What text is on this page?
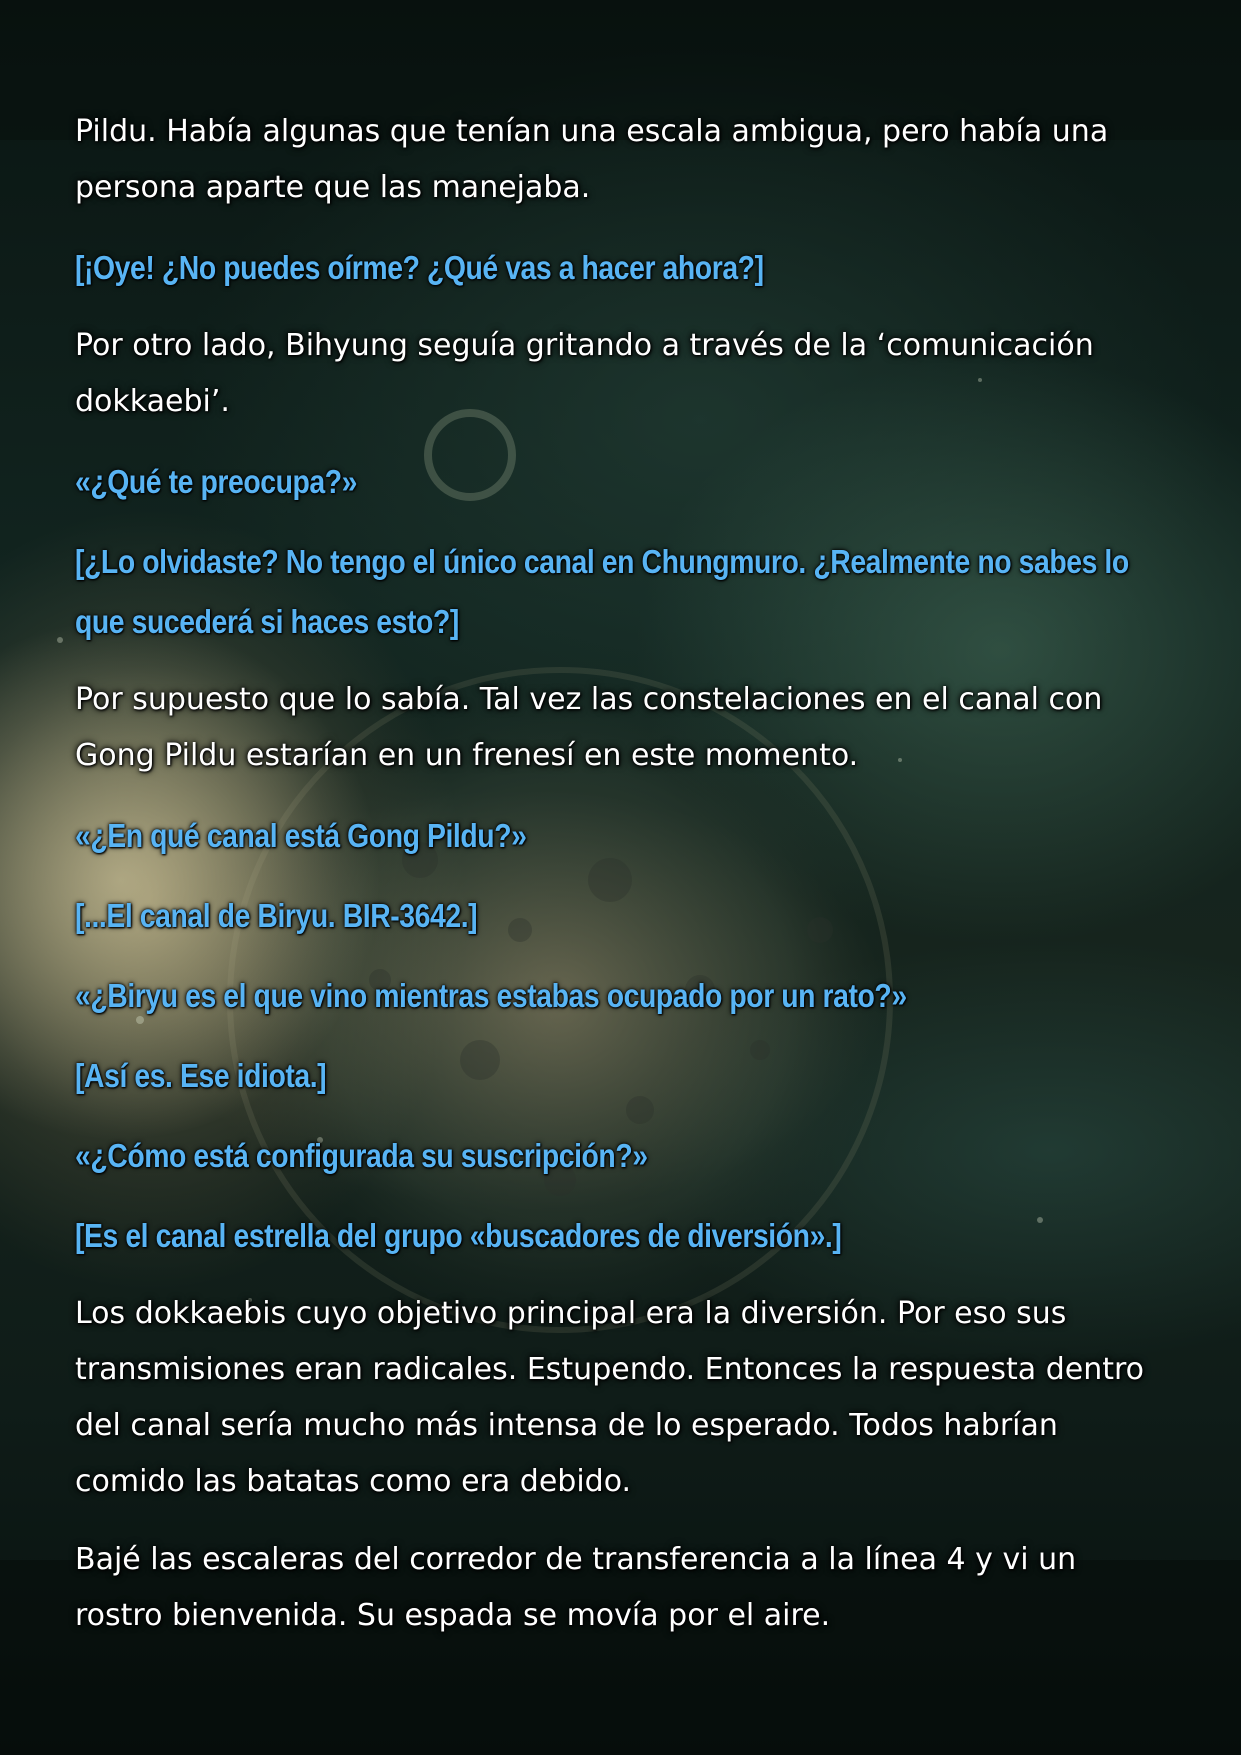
Pildu. Había algunas que tenían una escala ambigua, pero había una persona aparte que las manejaba.

[¡Oye! ¿No puedes oírme? ¿Qué vas a hacer ahora?]

Por otro lado, Bihyung seguía gritando a través de la ‘comunicación dokkaebi’.

«¿Qué te preocupa?»

[¿Lo olvidaste? No tengo el único canal en Chungmuro. ¿Realmente no sabes lo que sucederá si haces esto?]

Por supuesto que lo sabía. Tal vez las constelaciones en el canal con Gong Pildu estarían en un frenesí en este momento.

«¿En qué canal está Gong Pildu?»

[...El canal de Biryu. BIR-3642.]

«¿Biryu es el que vino mientras estabas ocupado por un rato?»

[Así es. Ese idiota.]

«¿Cómo está configurada su suscripción?»

[Es el canal estrella del grupo «buscadores de diversión».]

Los dokkaebis cuyo objetivo principal era la diversión. Por eso sus transmisiones eran radicales. Estupendo. Entonces la respuesta dentro del canal sería mucho más intensa de lo esperado. Todos habrían comido las batatas como era debido.

Bajé las escaleras del corredor de transferencia a la línea 4 y vi un rostro bienvenida. Su espada se movía por el aire.
